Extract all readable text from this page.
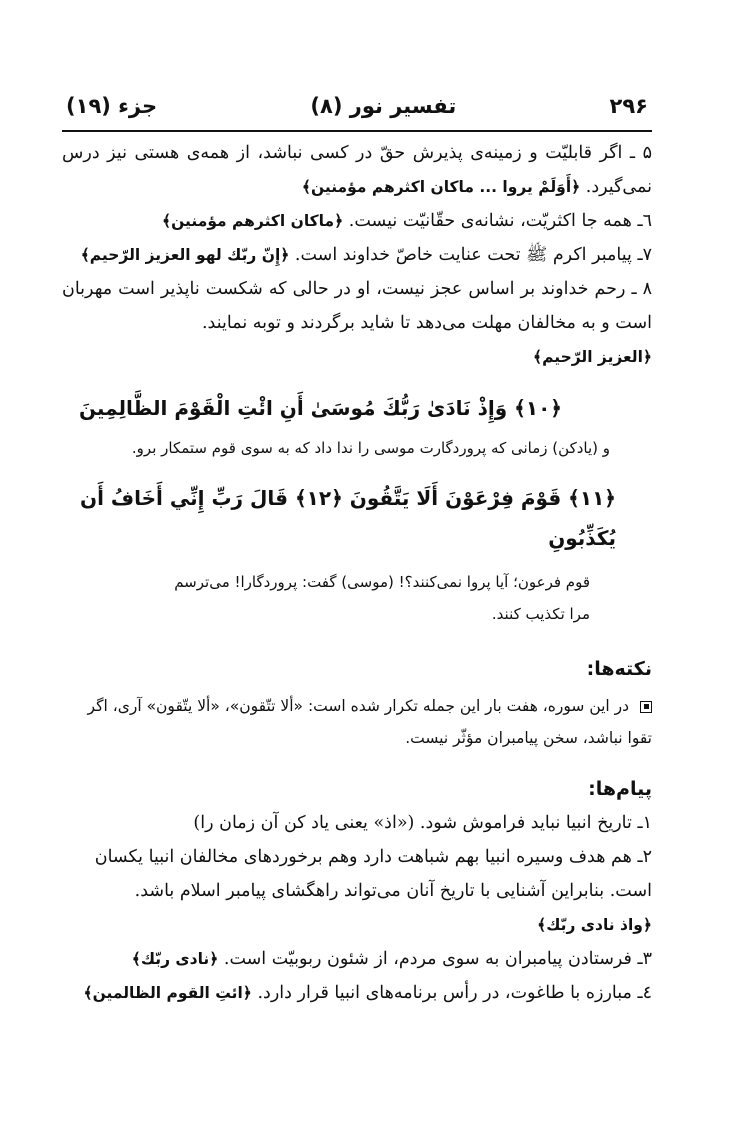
۲۹۶
تفسیر نور (۸)
جزء (۱۹)

۵ ـ اگر قابلیّت و زمینه‌ی پذیرش حقّ در کسی نباشد، از همه‌ی هستی نیز درس نمی‌گیرد. ﴿أَوَلَمْ یروا ... ماکان اکثرهم مؤمنین﴾

٦ـ همه جا اکثریّت، نشانه‌ی حقّانیّت نیست. ﴿ماکان اکثرهم مؤمنین﴾

٧ـ پیامبر اکرم ﷺ تحت عنایت خاصّ خداوند است. ﴿إِنّ ربّك لهو العزیز الرّحیم﴾

٨ ـ رحم خداوند بر اساس عجز نیست، او در حالی که شکست ناپذیر است مهربان است و به مخالفان مهلت می‌دهد تا شاید برگردند و توبه نمایند.
﴿العزیز الرّحیم﴾

﴿۱۰﴾ وَإِذْ نَادَىٰ رَبُّكَ مُوسَىٰ أَنِ ائْتِ الْقَوْمَ الظَّالِمِينَ
و (یادکن) زمانی که پروردگارت موسی را ندا داد که به سوی قوم ستمکار برو.
﴿۱۱﴾ قَوْمَ فِرْعَوْنَ أَلَا يَتَّقُونَ ﴿۱۲﴾ قَالَ رَبِّ إِنِّي أَخَافُ أَن يُكَذِّبُونِ
قوم فرعون؛ آیا پروا نمی‌کنند؟! (موسی) گفت: پروردگارا! می‌ترسم مرا تکذیب کنند.
نکته‌ها:
در این سوره، هفت بار این جمله تکرار شده است: «ألا تتّقون»، «ألا یتّقون» آری، اگر تقوا نباشد، سخن پیامبران مؤثّر نیست.
پیام‌ها:

١ـ تاریخ انبیا نباید فراموش شود. («اذ» یعنی یاد کن آن زمان را)

٢ـ هم هدف وسیره انبیا بهم شباهت دارد وهم برخوردهای مخالفان انبیا یکسان است. بنابراین آشنایی با تاریخ آنان می‌تواند راهگشای پیامبر اسلام باشد.
﴿واذ نادی ربّك﴾

٣ـ فرستادن پیامبران به سوی مردم، از شئون ربوبیّت است. ﴿نادی ربّك﴾

٤ـ مبارزه با طاغوت، در رأس برنامه‌های انبیا قرار دارد. ﴿ائتِ القوم الظالمین﴾
